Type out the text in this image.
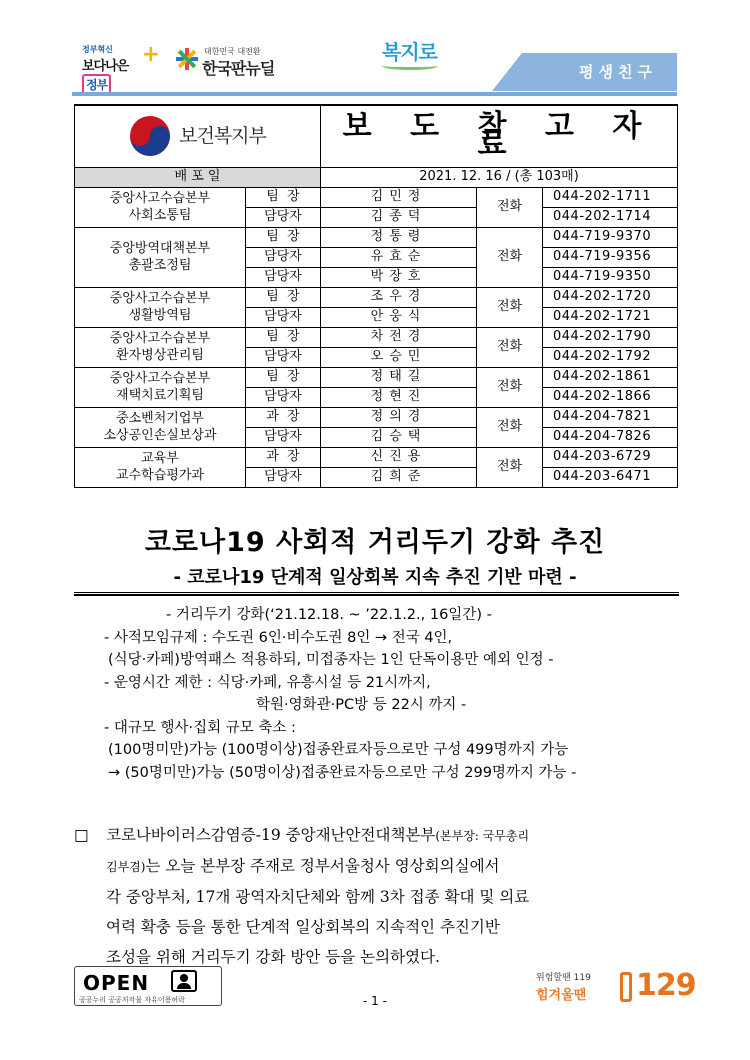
정부혁신
보다나은 정부
+	대한민국 대전환
한국판뉴딜
복지로
평생친구
보건복지부		보 도 참 고 자 료		
배 포 일		2021. 12. 16 / (총 103매)		

중앙사고수습본부
사회소통팀	팀  장	김민정	전화	044-202-1711
	담당자	김종덕		044-202-1714

중앙방역대책본부
총괄조정팀	팀  장	정통령	전화	044-719-9370
	담당자	유효순		044-719-9356
	담당자	박장호		044-719-9350

중앙사고수습본부
생활방역팀	팀  장	조우경	전화	044-202-1720
	담당자	안웅식		044-202-1721

중앙사고수습본부
환자병상관리팀	팀  장	차전경	전화	044-202-1790
	담당자	오승민		044-202-1792

중앙사고수습본부
재택치료기획팀	팀  장	정태길	전화	044-202-1861
	담당자	정현진		044-202-1866

중소벤처기업부
소상공인손실보상과	과  장	정의경	전화	044-204-7821
	담당자	김승택		044-204-7826

교육부
교수학습평가과	과  장	신진용	전화	044-203-6729
	담당자	김희준		044-203-6471
코로나19 사회적 거리두기 강화 추진
- 코로나19 단계적 일상회복 지속 추진 기반 마련 -
- 거리두기 강화(‘21.12.18. ~ ’22.1.2., 16일간) -
- 사적모임규제 : 수도권 6인·비수도권 8인 → 전국 4인,
(식당·카페)방역패스 적용하되, 미접종자는 1인 단독이용만 예외 인정 -
- 운영시간 제한 : 식당·카페, 유흥시설 등 21시까지,
학원·영화관·PC방 등 22시 까지 -
- 대규모 행사·집회 규모 축소 :
(100명미만)가능 (100명이상)접종완료자등으로만 구성 499명까지 가능
→ (50명미만)가능 (50명이상)접종완료자등으로만 구성 299명까지 가능 -
□ 코로나바이러스감염증-19 중앙재난안전대책본부(본부장: 국무총리
김부겸)는 오늘 본부장 주재로 정부서울청사 영상회의실에서
각 중앙부처, 17개 광역자치단체와 함께 3차 접종 확대 및 의료
여력 확충 등을 통한 단계적 일상회복의 지속적인 추진기반
조성을 위해 거리두기 강화 방안 등을 논의하였다.
OPEN
공공누리 공공저작물 자유이용허락	- 1 -
위험할땐 119
힘겨울땐 129
